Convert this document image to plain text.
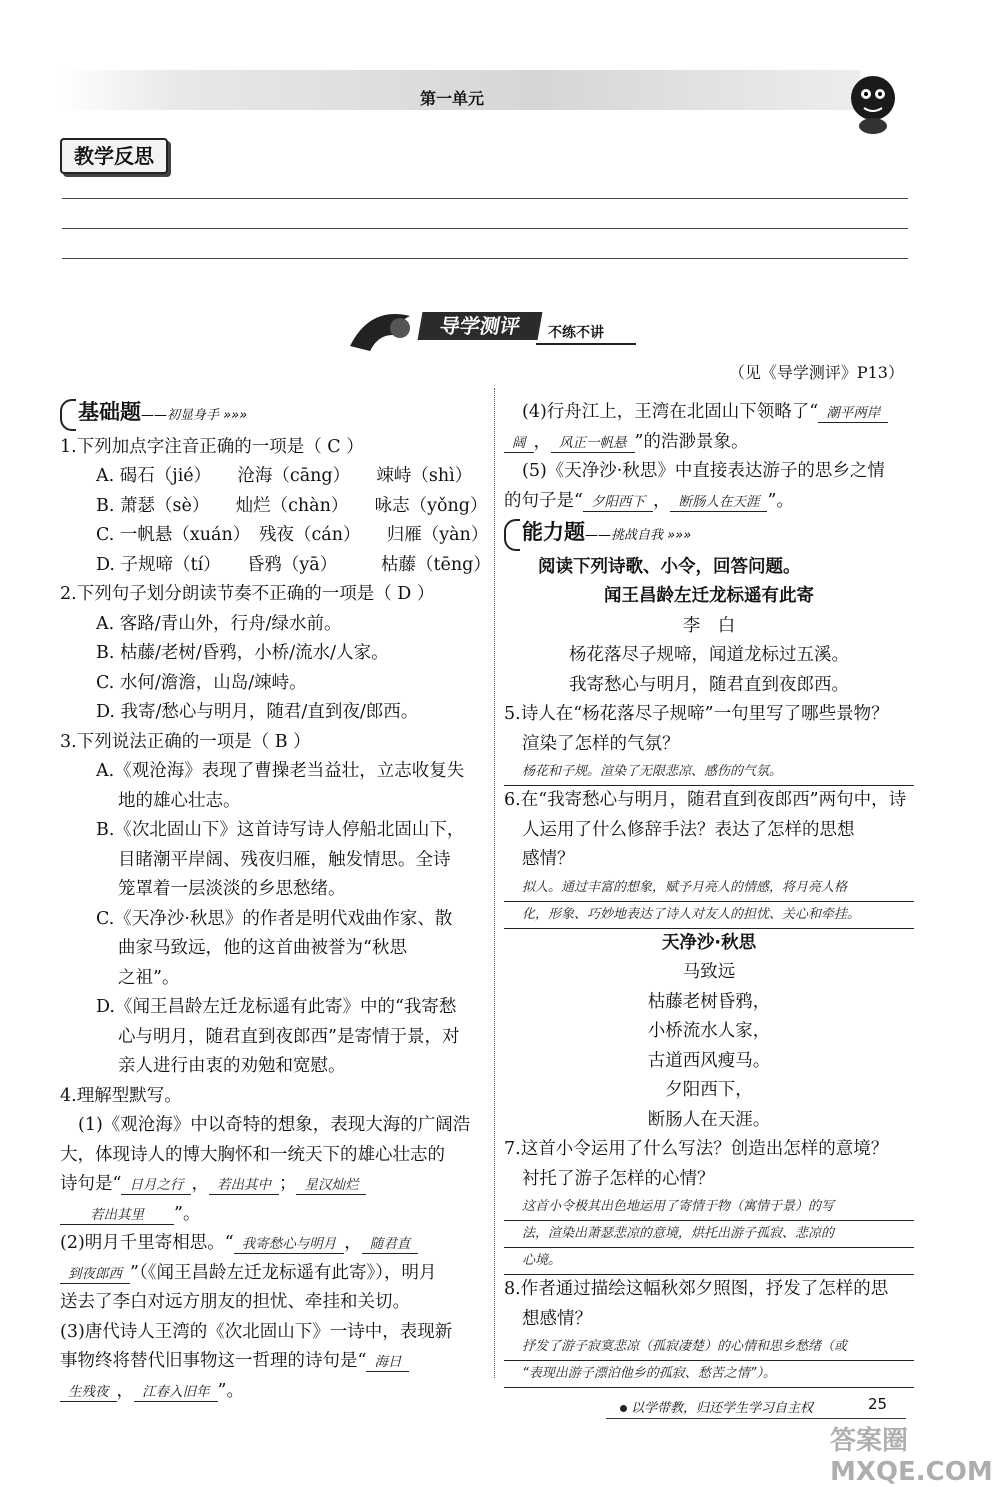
第一单元
教学反思
导学测评	不练不讲
（见《导学测评》P13）
基础题——初显身手 »»»
1.下列加点字注音正确的一项是（ C ）
A. 碣石（jié）　　沧海（cāng）　　竦峙（shì）
B. 萧瑟（sè）　　灿烂（chàn）　　咏志（yǒng）
C. 一帆悬（xuán）　残夜（cán）　　归雁（yàn）
D. 子规啼（tí）　　昏鸦（yā）　　　枯藤（tēng）
2.下列句子划分朗读节奏不正确的一项是（ D ）
A. 客路/青山外，行舟/绿水前。
B. 枯藤/老树/昏鸦，小桥/流水/人家。
C. 水何/澹澹，山岛/竦峙。
D. 我寄/愁心与明月，随君/直到夜/郎西。
3.下列说法正确的一项是（ B ）
A.《观沧海》表现了曹操老当益壮，立志收复失
地的雄心壮志。
B.《次北固山下》这首诗写诗人停船北固山下，
目睹潮平岸阔、残夜归雁，触发情思。全诗
笼罩着一层淡淡的乡思愁绪。
C.《天净沙·秋思》的作者是明代戏曲作家、散
曲家马致远，他的这首曲被誉为“秋思
之祖”。
D.《闻王昌龄左迁龙标遥有此寄》中的“我寄愁
心与明月，随君直到夜郎西”是寄情于景，对
亲人进行由衷的劝勉和宽慰。
4.理解型默写。
(1)《观沧海》中以奇特的想象，表现大海的广阔浩
大，体现诗人的博大胸怀和一统天下的雄心壮志的
诗句是“ 日月之行 ， 若出其中 ； 星汉灿烂
若出其里 ”。
(2)明月千里寄相思。“ 我寄愁心与明月 ， 随君直
到夜郎西 ”（《闻王昌龄左迁龙标遥有此寄》），明月
送去了李白对远方朋友的担忧、牵挂和关切。
(3)唐代诗人王湾的《次北固山下》一诗中，表现新
事物终将替代旧事物这一哲理的诗句是“ 海日
生残夜 ， 江春入旧年 ”。
(4)行舟江上，王湾在北固山下领略了“ 潮平两岸
阔 ， 风正一帆悬 ”的浩渺景象。
(5)《天净沙·秋思》中直接表达游子的思乡之情
的句子是“ 夕阳西下 ， 断肠人在天涯 ”。
能力题——挑战自我 »»»
阅读下列诗歌、小令，回答问题。
闻王昌龄左迁龙标遥有此寄
李　白
杨花落尽子规啼，闻道龙标过五溪。
我寄愁心与明月，随君直到夜郎西。
5.诗人在“杨花落尽子规啼”一句里写了哪些景物？
渲染了怎样的气氛？
杨花和子规。渲染了无限悲凉、感伤的气氛。
6.在“我寄愁心与明月，随君直到夜郎西”两句中，诗
人运用了什么修辞手法？表达了怎样的思想
感情？
拟人。通过丰富的想象，赋予月亮人的情感，将月亮人格
化，形象、巧妙地表达了诗人对友人的担忧、关心和牵挂。
天净沙·秋思
马致远
枯藤老树昏鸦，
小桥流水人家，
古道西风瘦马。
夕阳西下，
断肠人在天涯。
7.这首小令运用了什么写法？创造出怎样的意境？
衬托了游子怎样的心情？
这首小令极其出色地运用了寄情于物（寓情于景）的写
法，渲染出萧瑟悲凉的意境，烘托出游子孤寂、悲凉的
心境。
8.作者通过描绘这幅秋郊夕照图，抒发了怎样的思
想感情？
抒发了游子寂寞悲凉（孤寂凄楚）的心情和思乡愁绪（或
“表现出游子漂泊他乡的孤寂、愁苦之情”）。
以学带教，归还学生学习自主权	25
答案圈 MXQE.COM
